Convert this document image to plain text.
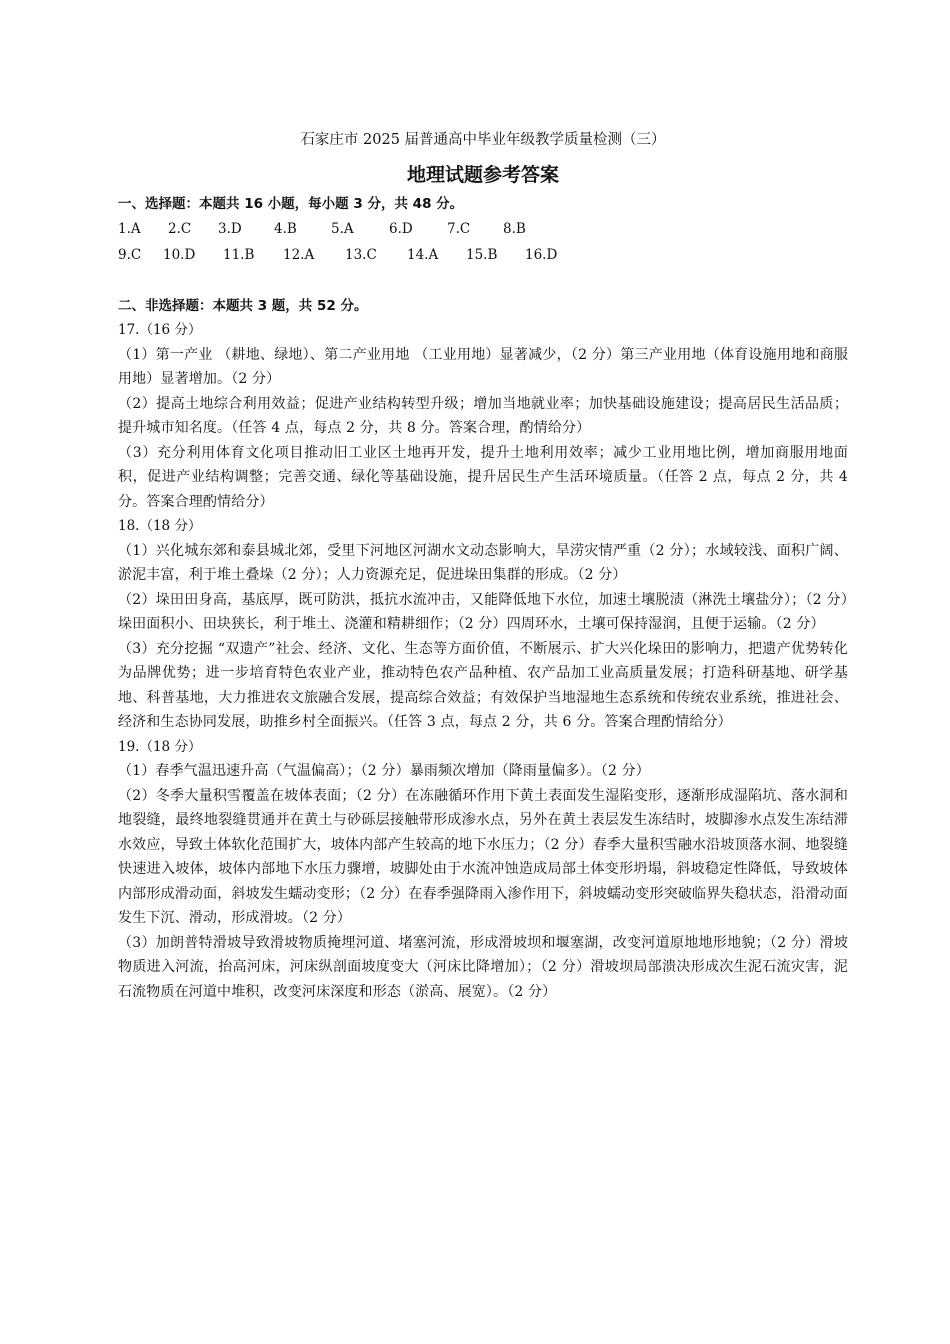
石家庄市 2025 届普通高中毕业年级教学质量检测（三）

地理试题参考答案

一、选择题：本题共 16 小题，每小题 3 分，共 48 分。

1.A	2.C	3.D	4.B	5.A	6.D	7.C	8.B
9.C	10.D	11.B	12.A	13.C	14.A	15.B	16.D

二、非选择题：本题共 3 题，共 52 分。

17.（16 分）

（1）第一产业 （耕地、绿地）、第二产业用地 （工业用地）显著减少，（2 分）第三产业用地（体育设施用地和商服用地）显著增加。（2 分）

（2）提高土地综合利用效益；促进产业结构转型升级；增加当地就业率；加快基础设施建设；提高居民生活品质；提升城市知名度。（任答 4 点，每点 2 分，共 8 分。答案合理，酌情给分）

（3）充分利用体育文化项目推动旧工业区土地再开发，提升土地利用效率；减少工业用地比例，增加商服用地面积，促进产业结构调整；完善交通、绿化等基础设施，提升居民生产生活环境质量。（任答 2 点，每点 2 分，共 4 分。答案合理酌情给分）

18.（18 分）

（1）兴化城东郊和泰县城北郊，受里下河地区河湖水文动态影响大，旱涝灾情严重（2 分）；水域较浅、面积广阔、淤泥丰富，利于堆土叠垛（2 分）；人力资源充足，促进垛田集群的形成。（2 分）

（2）垛田田身高，基底厚，既可防洪，抵抗水流冲击，又能降低地下水位，加速土壤脱渍（淋洗土壤盐分）；（2 分）垛田面积小、田块狭长，利于堆土、浇灌和精耕细作；（2 分）四周环水，土壤可保持湿润，且便于运输。（2 分）

（3）充分挖掘 “双遗产”社会、经济、文化、生态等方面价值，不断展示、扩大兴化垛田的影响力，把遗产优势转化为品牌优势；进一步培育特色农业产业，推动特色农产品种植、农产品加工业高质量发展；打造科研基地、研学基地、科普基地，大力推进农文旅融合发展，提高综合效益；有效保护当地湿地生态系统和传统农业系统，推进社会、经济和生态协同发展，助推乡村全面振兴。（任答 3 点，每点 2 分，共 6 分。答案合理酌情给分）

19.（18 分）

（1）春季气温迅速升高（气温偏高）；（2 分）暴雨频次增加（降雨量偏多）。（2 分）

（2）冬季大量积雪覆盖在坡体表面；（2 分）在冻融循环作用下黄土表面发生湿陷变形，逐渐形成湿陷坑、落水洞和地裂缝，最终地裂缝贯通并在黄土与砂砾层接触带形成渗水点，另外在黄土表层发生冻结时，坡脚渗水点发生冻结滞水效应，导致土体软化范围扩大，坡体内部产生较高的地下水压力；（2 分）春季大量积雪融水沿坡顶落水洞、地裂缝快速进入坡体，坡体内部地下水压力骤增，坡脚处由于水流冲蚀造成局部土体变形坍塌，斜坡稳定性降低，导致坡体内部形成滑动面，斜坡发生蠕动变形；（2 分）在春季强降雨入渗作用下，斜坡蠕动变形突破临界失稳状态，沿滑动面发生下沉、滑动，形成滑坡。（2 分）

（3）加朗普特滑坡导致滑坡物质掩埋河道、堵塞河流，形成滑坡坝和堰塞湖，改变河道原地地形地貌；（2 分）滑坡物质进入河流，抬高河床，河床纵剖面坡度变大（河床比降增加）；（2 分）滑坡坝局部溃决形成次生泥石流灾害，泥石流物质在河道中堆积，改变河床深度和形态（淤高、展宽）。（2 分）
